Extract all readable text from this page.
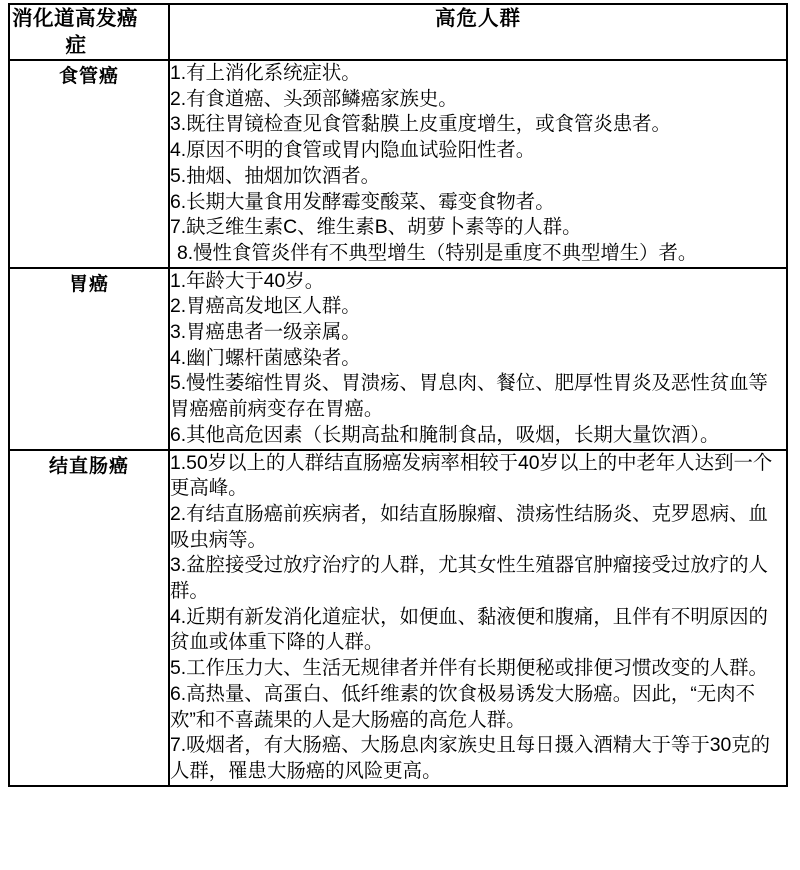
消化道高发癌
症	高危人群
食管癌	1.有上消化系统症状。
2.有食道癌、头颈部鳞癌家族史。
3.既往胃镜检查见食管黏膜上皮重度增生，或食管炎患者。
4.原因不明的食管或胃内隐血试验阳性者。
5.抽烟、抽烟加饮酒者。
6.长期大量食用发酵霉变酸菜、霉变食物者。
7.缺乏维生素C、维生素B、胡萝卜素等的人群。
8.慢性食管炎伴有不典型增生（特别是重度不典型增生）者。

胃癌	1.年龄大于40岁。
2.胃癌高发地区人群。
3.胃癌患者一级亲属。
4.幽门螺杆菌感染者。
5.慢性萎缩性胃炎、胃溃疡、胃息肉、餐位、肥厚性胃炎及恶性贫血等胃癌癌前病变存在胃癌。
6.其他高危因素（长期高盐和腌制食品，吸烟，长期大量饮酒）。

结直肠癌	1.50岁以上的人群结直肠癌发病率相较于40岁以上的中老年人达到一个更高峰。
2.有结直肠癌前疾病者，如结直肠腺瘤、溃疡性结肠炎、克罗恩病、血吸虫病等。
3.盆腔接受过放疗治疗的人群，尤其女性生殖器官肿瘤接受过放疗的人群。
4.近期有新发消化道症状，如便血、黏液便和腹痛，且伴有不明原因的贫血或体重下降的人群。
5.工作压力大、生活无规律者并伴有长期便秘或排便习惯改变的人群。
6.高热量、高蛋白、低纤维素的饮食极易诱发大肠癌。因此，“无肉不欢”和不喜蔬果的人是大肠癌的高危人群。
7.吸烟者，有大肠癌、大肠息肉家族史且每日摄入酒精大于等于30克的人群，罹患大肠癌的风险更高。
